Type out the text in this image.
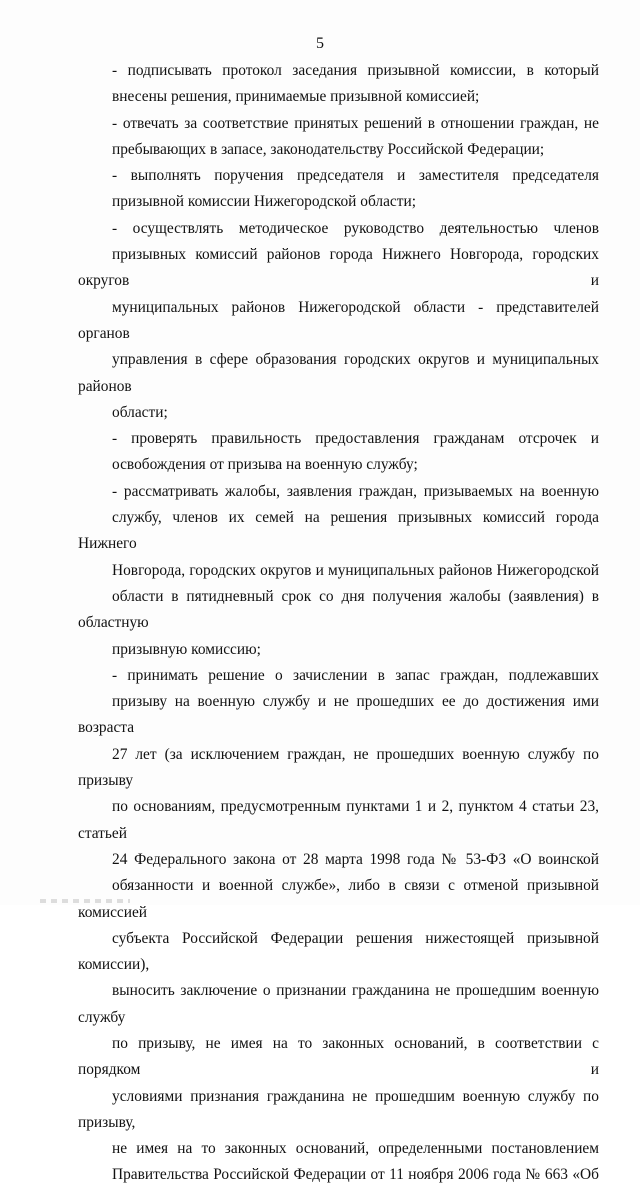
5

- подписывать протокол заседания призывной комиссии, в который
внесены решения, принимаемые призывной комиссией;

- отвечать за соответствие принятых решений в отношении граждан, не
пребывающих в запасе, законодательству Российской Федерации;

- выполнять поручения председателя и заместителя председателя
призывной комиссии Нижегородской области;

- осуществлять методическое руководство деятельностью членов
призывных комиссий районов города Нижнего Новгорода, городских округов и
муниципальных районов Нижегородской области - представителей органов
управления в сфере образования городских округов и муниципальных районов
области;

- проверять правильность предоставления гражданам отсрочек и
освобождения от призыва на военную службу;

- рассматривать жалобы, заявления граждан, призываемых на военную
службу, членов их семей на решения призывных комиссий города Нижнего
Новгорода, городских округов и муниципальных районов Нижегородской
области в пятидневный срок со дня получения жалобы (заявления) в областную
призывную комиссию;

- принимать решение о зачислении в запас граждан, подлежавших
призыву на военную службу и не прошедших ее до достижения ими возраста
27 лет (за исключением граждан, не прошедших военную службу по призыву
по основаниям, предусмотренным пунктами 1 и 2, пунктом 4 статьи 23, статьей
24 Федерального закона от 28 марта 1998 года № 53-ФЗ «О воинской
обязанности и военной службе», либо в связи с отменой призывной комиссией
субъекта Российской Федерации решения нижестоящей призывной комиссии),
выносить заключение о признании гражданина не прошедшим военную службу
по призыву, не имея на то законных оснований, в соответствии с порядком и
условиями признания гражданина не прошедшим военную службу по призыву,
не имея на то законных оснований, определенными постановлением
Правительства Российской Федерации от 11 ноября 2006 года № 663 «Об
